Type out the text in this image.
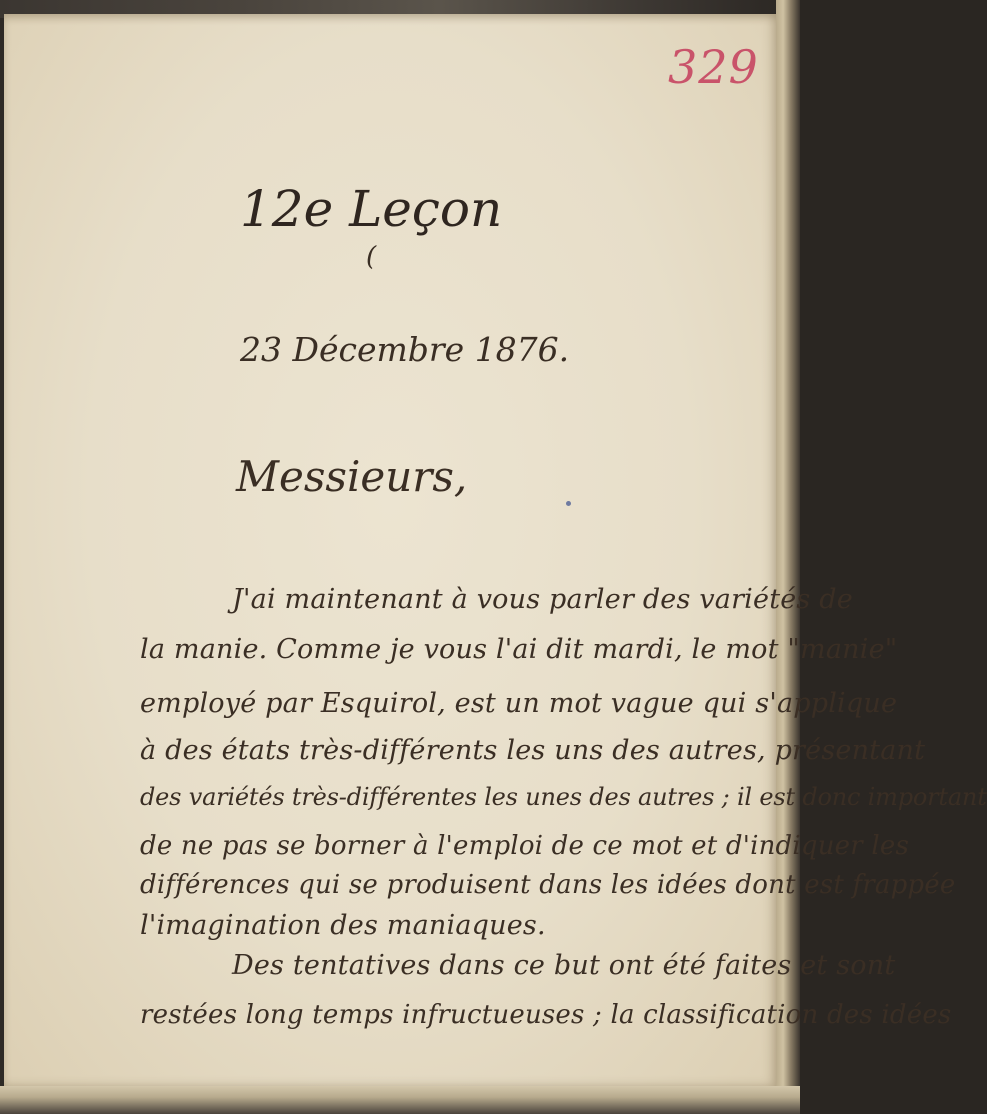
329
12e Leçon
(
23 Décembre 1876.
Messieurs,
J'ai maintenant à vous parler des variétés de
la manie. Comme je vous l'ai dit mardi, le mot "manie"
employé par Esquirol, est un mot vague qui s'applique
à des états très-différents les uns des autres, présentant
des variétés très-différentes les unes des autres ; il est donc important
de ne pas se borner à l'emploi de ce mot et d'indiquer les
différences qui se produisent dans les idées dont est frappée
l'imagination des maniaques.
Des tentatives dans ce but ont été faites et sont
restées long temps infructueuses ; la classification des idées
